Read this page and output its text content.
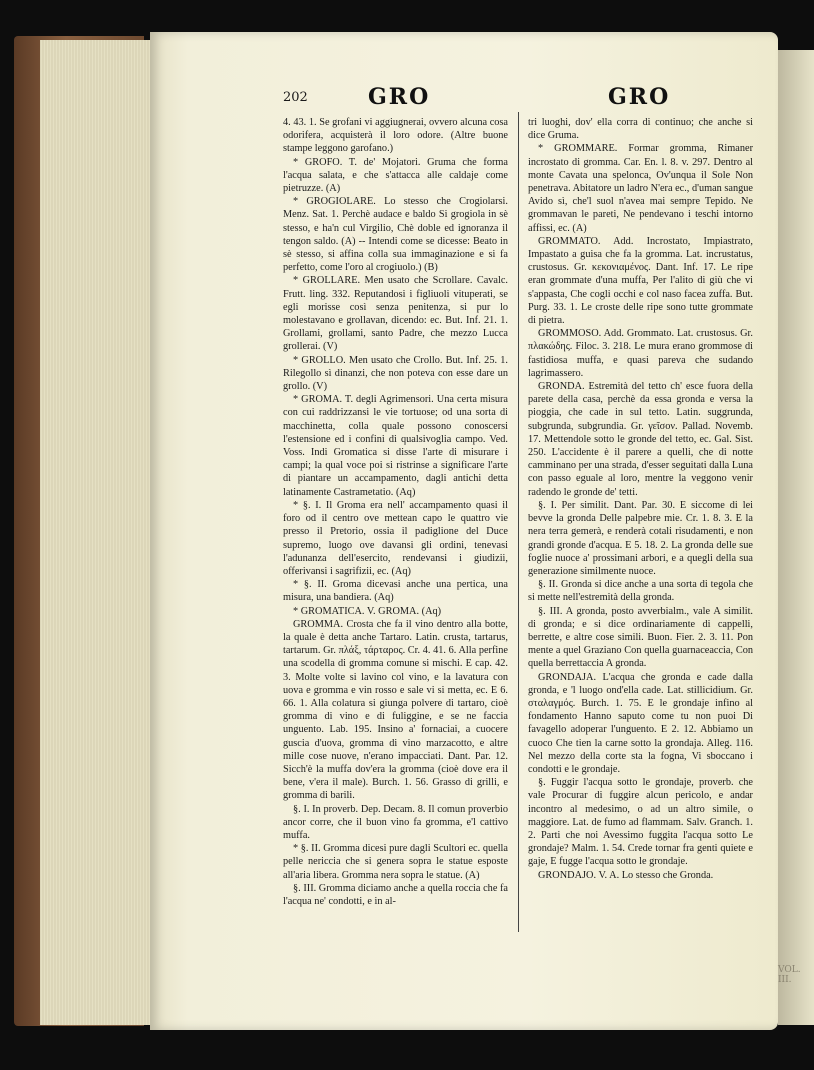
VOL. III.
202	GRO	GRO

4. 43. 1. Se grofani vi aggiugnerai, ovvero alcuna cosa odorifera, acquisterà il loro odore. (Altre buone stampe leggono garofano.)

* GROFO. T. de' Mojatori. Gruma che forma l'acqua salata, e che s'attacca alle caldaje come pietruzze. (A)

* GROGIOLARE. Lo stesso che Crogiolarsi. Menz. Sat. 1. Perchè audace e baldo Si grogiola in sè stesso, e ha'n cul Virgilio, Chè doble ed ignoranza il tengon saldo. (A) -- Intendi come se dicesse: Beato in sè stesso, si affina colla sua immaginazione e si fa perfetto, come l'oro al crogiuolo.) (B)

* GROLLARE. Men usato che Scrollare. Cavalc. Frutt. ling. 332. Reputandosi i figliuoli vituperati, se egli morisse così senza penitenza, si pur lo molestavano e grollavan, dicendo: ec. But. Inf. 21. 1. Grollami, grollami, santo Padre, che mezzo Lucca grollerai. (V)

* GROLLO. Men usato che Crollo. But. Inf. 25. 1. Rilegollo sì dinanzi, che non poteva con esse dare un grollo. (V)

* GROMA. T. degli Agrimensori. Una certa misura con cui raddrizzansi le vie tortuose; od una sorta di macchinetta, colla quale possono conoscersi l'estensione ed i confini di qualsivoglia campo. Ved. Voss. Indi Gromatica si disse l'arte di misurare i campi; la qual voce poi si ristrinse a significare l'arte di piantare un accampamento, dagli antichi detta latinamente Castrametatio. (Aq)

* §. I. Il Groma era nell' accampamento quasi il foro od il centro ove mettean capo le quattro vie presso il Pretorio, ossia il padiglione del Duce supremo, luogo ove davansi gli ordini, tenevasi l'adunanza dell'esercito, rendevansi i giudizii, offerivansi i sagrifizii, ec. (Aq)

* §. II. Groma dicevasi anche una pertica, una misura, una bandiera. (Aq)

* GROMATICA. V. GROMA. (Aq)

GROMMA. Crosta che fa il vino dentro alla botte, la quale è detta anche Tartaro. Latin. crusta, tartarus, tartarum. Gr. πλάξ, τάρταρος. Cr. 4. 41. 6. Alla perfine una scodella di gromma comune si mischi. E cap. 42. 3. Molte volte si lavino col vino, e la lavatura con uova e gromma e vin rosso e sale vi si metta, ec. E 6. 66. 1. Alla colatura si giunga polvere di tartaro, cioè gromma di vino e di fuliggine, e se ne faccia unguento. Lab. 195. Insino a' fornaciai, a cuocere guscia d'uova, gromma di vino marzacotto, e altre mille cose nuove, n'erano impacciati. Dant. Par. 12. Sicch'è la muffa dov'era la gromma (cioè dove era il bene, v'era il male). Burch. 1. 56. Grasso di grilli, e gromma di barili.

§. I. In proverb. Dep. Decam. 8. Il comun proverbio ancor corre, che il buon vino fa gromma, e'l cattivo muffa.

* §. II. Gromma dicesi pure dagli Scultori ec. quella pelle nericcia che si genera sopra le statue esposte all'aria libera. Gromma nera sopra le statue. (A)

§. III. Gromma diciamo anche a quella roccia che fa l'acqua ne' condotti, e in al-

tri luoghi, dov' ella corra di continuo; che anche si dice Gruma.

* GROMMARE. Formar gromma, Rimaner incrostato di gromma. Car. En. l. 8. v. 297. Dentro al monte Cavata una spelonca, Ov'unqua il Sole Non penetrava. Abitatore un ladro N'era ec., d'uman sangue Avido sì, che'l suol n'avea mai sempre Tepido. Ne grommavan le pareti, Ne pendevano i teschi intorno affissi, ec. (A)

GROMMATO. Add. Incrostato, Impiastrato, Impastato a guisa che fa la gromma. Lat. incrustatus, crustosus. Gr. κεκονιαμένος. Dant. Inf. 17. Le ripe eran grommate d'una muffa, Per l'alito di giù che vi s'appasta, Che cogli occhi e col naso facea zuffa. But. Purg. 33. 1. Le croste delle ripe sono tutte grommate di pietra.

GROMMOSO. Add. Grommato. Lat. crustosus. Gr. πλακώδης. Filoc. 3. 218. Le mura erano grommose di fastidiosa muffa, e quasi pareva che sudando lagrimassero.

GRONDA. Estremità del tetto ch' esce fuora della parete della casa, perchè da essa gronda e versa la pioggia, che cade in sul tetto. Latin. suggrunda, subgrunda, subgrundia. Gr. γεῖσον. Pallad. Novemb. 17. Mettendole sotto le gronde del tetto, ec. Gal. Sist. 250. L'accidente è il parere a quelli, che di notte camminano per una strada, d'esser seguitati dalla Luna con passo eguale al loro, mentre la veggono venir radendo le gronde de' tetti.

§. I. Per similit. Dant. Par. 30. E siccome di lei bevve la gronda Delle palpebre mie. Cr. 1. 8. 3. E la nera terra gemerà, e renderà cotali risudamenti, e non grandi gronde d'acqua. E 5. 18. 2. La gronda delle sue foglie nuoce a' prossimani arbori, e a quegli della sua generazione similmente nuoce.

§. II. Gronda si dice anche a una sorta di tegola che si mette nell'estremità della gronda.

§. III. A gronda, posto avverbialm., vale A similit. di gronda; e si dice ordinariamente di cappelli, berrette, e altre cose simili. Buon. Fier. 2. 3. 11. Pon mente a quel Graziano Con quella guarnaceaccia, Con quella berrettaccia A gronda.

GRONDAJA. L'acqua che gronda e cade dalla gronda, e 'l luogo ond'ella cade. Lat. stillicidium. Gr. σταλαγμός. Burch. 1. 75. E le grondaje infino al fondamento Hanno saputo come tu non puoi Di favagello adoperar l'unguento. E 2. 12. Abbiamo un cuoco Che tien la carne sotto la grondaja. Alleg. 116. Nel mezzo della corte sta la fogna, Vi sboccano i condotti e le grondaje.

§. Fuggir l'acqua sotto le grondaje, proverb. che vale Procurar di fuggire alcun pericolo, e andar incontro al medesimo, o ad un altro simile, o maggiore. Lat. de fumo ad flammam. Salv. Granch. 1. 2. Parti che noi Avessimo fuggita l'acqua sotto Le grondaje? Malm. 1. 54. Crede tornar fra genti quiete e gaje, E fugge l'acqua sotto le grondaje.

GRONDAJO. V. A. Lo stesso che Gronda.
